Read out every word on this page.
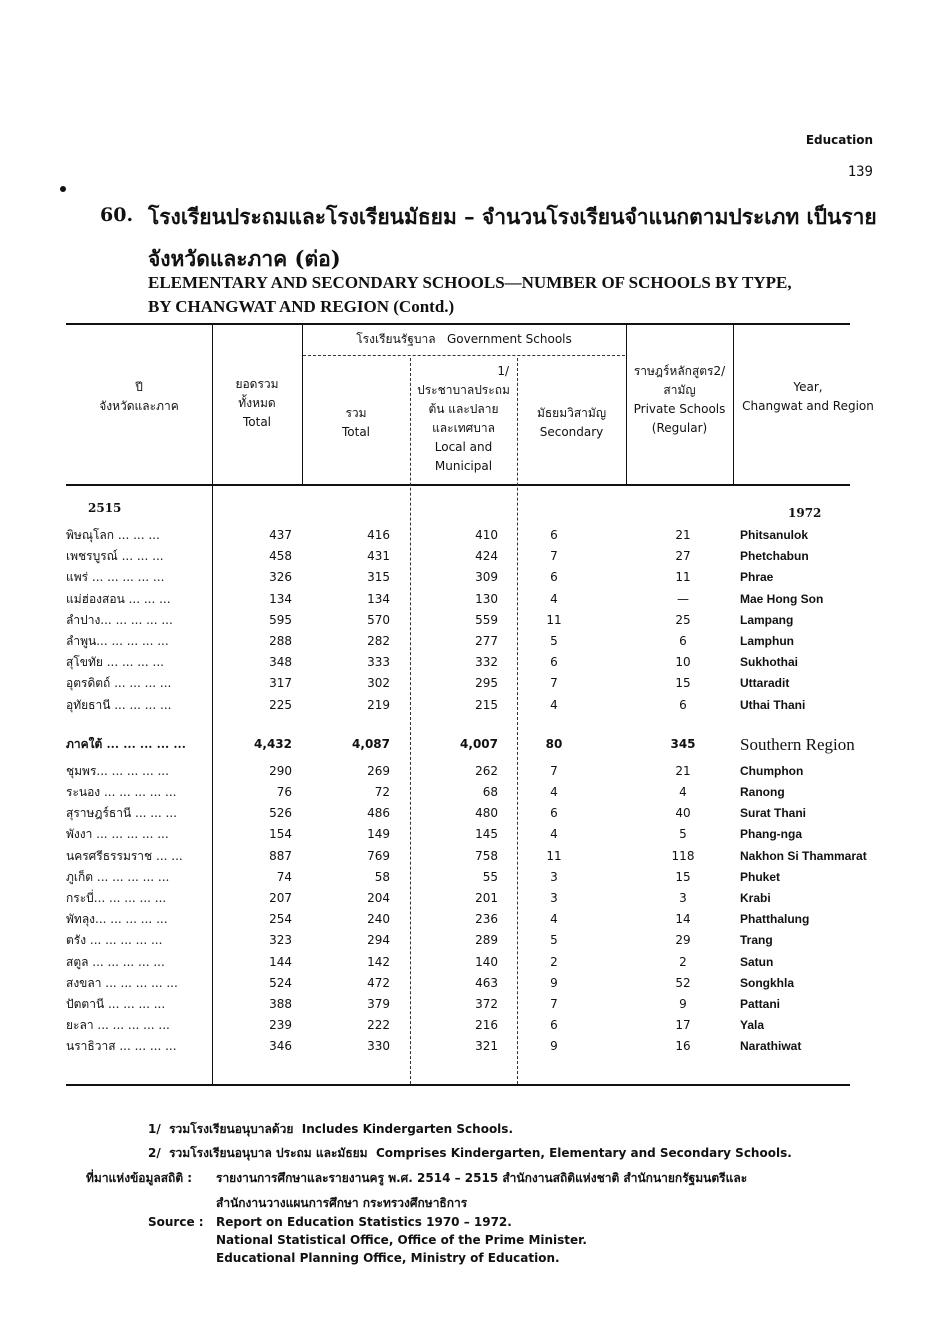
Education
139
60. โรงเรียนประถมและโรงเรียนมัธยม – จำนวนโรงเรียนจำแนกตามประเภท เป็นราย
จังหวัดและภาค (ต่อ)
ELEMENTARY AND SECONDARY SCHOOLS—NUMBER OF SCHOOLS BY TYPE,
BY CHANGWAT AND REGION (Contd.)
ปี
จังหวัดและภาค
ยอดรวม
ทั้งหมด
Total
โรงเรียนรัฐบาล Government Schools
รวม
Total
1/
ประชาบาลประถม
ต้น และปลาย
และเทศบาล
Local and
Municipal
มัธยมวิสามัญ
Secondary
ราษฎร์หลักสูตร2/
สามัญ
Private Schools
(Regular)
Year,
Changwat and Region
2515	1972
พิษณุโลก ... ... ...	437	416	410	6	21	Phitsanulok
เพชรบูรณ์ ... ... ...	458	431	424	7	27	Phetchabun
แพร่ ... ... ... ... ...	326	315	309	6	11	Phrae
แม่ฮ่องสอน ... ... ...	134	134	130	4	—	Mae Hong Son
ลำปาง... ... ... ... ...	595	570	559	11	25	Lampang
ลำพูน... ... ... ... ...	288	282	277	5	6	Lamphun
สุโขทัย ... ... ... ...	348	333	332	6	10	Sukhothai
อุตรดิตถ์ ... ... ... ...	317	302	295	7	15	Uttaradit
อุทัยธานี ... ... ... ...	225	219	215	4	6	Uthai Thani
ภาคใต้ ... ... ... ... ...	4,432	4,087	4,007	80	345	Southern Region
ชุมพร... ... ... ... ...	290	269	262	7	21	Chumphon
ระนอง ... ... ... ... ...	76	72	68	4	4	Ranong
สุราษฎร์ธานี ... ... ...	526	486	480	6	40	Surat Thani
พังงา ... ... ... ... ...	154	149	145	4	5	Phang-nga
นครศรีธรรมราช ... ...	887	769	758	11	118	Nakhon Si Thammarat
ภูเก็ต ... ... ... ... ...	74	58	55	3	15	Phuket
กระบี่... ... ... ... ...	207	204	201	3	3	Krabi
พัทลุง... ... ... ... ...	254	240	236	4	14	Phatthalung
ตรัง ... ... ... ... ...	323	294	289	5	29	Trang
สตูล ... ... ... ... ...	144	142	140	2	2	Satun
สงขลา ... ... ... ... ...	524	472	463	9	52	Songkhla
ปัตตานี ... ... ... ...	388	379	372	7	9	Pattani
ยะลา ... ... ... ... ...	239	222	216	6	17	Yala
นราธิวาส ... ... ... ...	346	330	321	9	16	Narathiwat
1/ รวมโรงเรียนอนุบาลด้วย Includes Kindergarten Schools.
2/ รวมโรงเรียนอนุบาล ประถม และมัธยม Comprises Kindergarten, Elementary and Secondary Schools.
ที่มาแห่งข้อมูลสถิติ : รายงานการศึกษาและรายงานครู พ.ศ. 2514 – 2515 สำนักงานสถิติแห่งชาติ สำนักนายกรัฐมนตรีและ
สำนักงานวางแผนการศึกษา กระทรวงศึกษาธิการ
Source : Report on Education Statistics 1970 – 1972.
National Statistical Office, Office of the Prime Minister.
Educational Planning Office, Ministry of Education.
